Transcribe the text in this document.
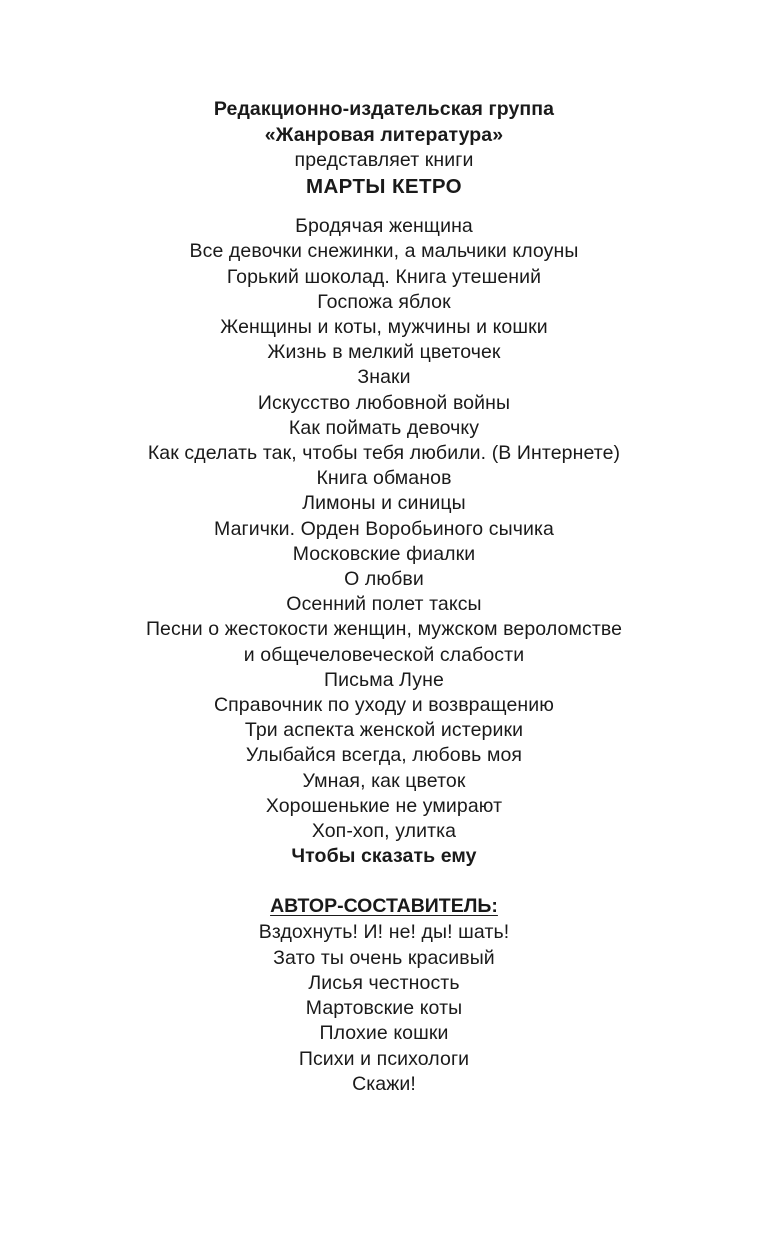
Редакционно-издательская группа
«Жанровая литература»
представляет книги
МАРТЫ КЕТРО
Бродячая женщина
Все девочки снежинки, а мальчики клоуны
Горький шоколад. Книга утешений
Госпожа яблок
Женщины и коты, мужчины и кошки
Жизнь в мелкий цветочек
Знаки
Искусство любовной войны
Как поймать девочку
Как сделать так, чтобы тебя любили. (В Интернете)
Книга обманов
Лимоны и синицы
Магички. Орден Воробьиного сычика
Московские фиалки
О любви
Осенний полет таксы
Песни о жестокости женщин, мужском вероломстве
и общечеловеческой слабости
Письма Луне
Справочник по уходу и возвращению
Три аспекта женской истерики
Улыбайся всегда, любовь моя
Умная, как цветок
Хорошенькие не умирают
Хоп-хоп, улитка
Чтобы сказать ему
АВТОР-СОСТАВИТЕЛЬ:
Вздохнуть! И! не! ды! шать!
Зато ты очень красивый
Лисья честность
Мартовские коты
Плохие кошки
Психи и психологи
Скажи!
